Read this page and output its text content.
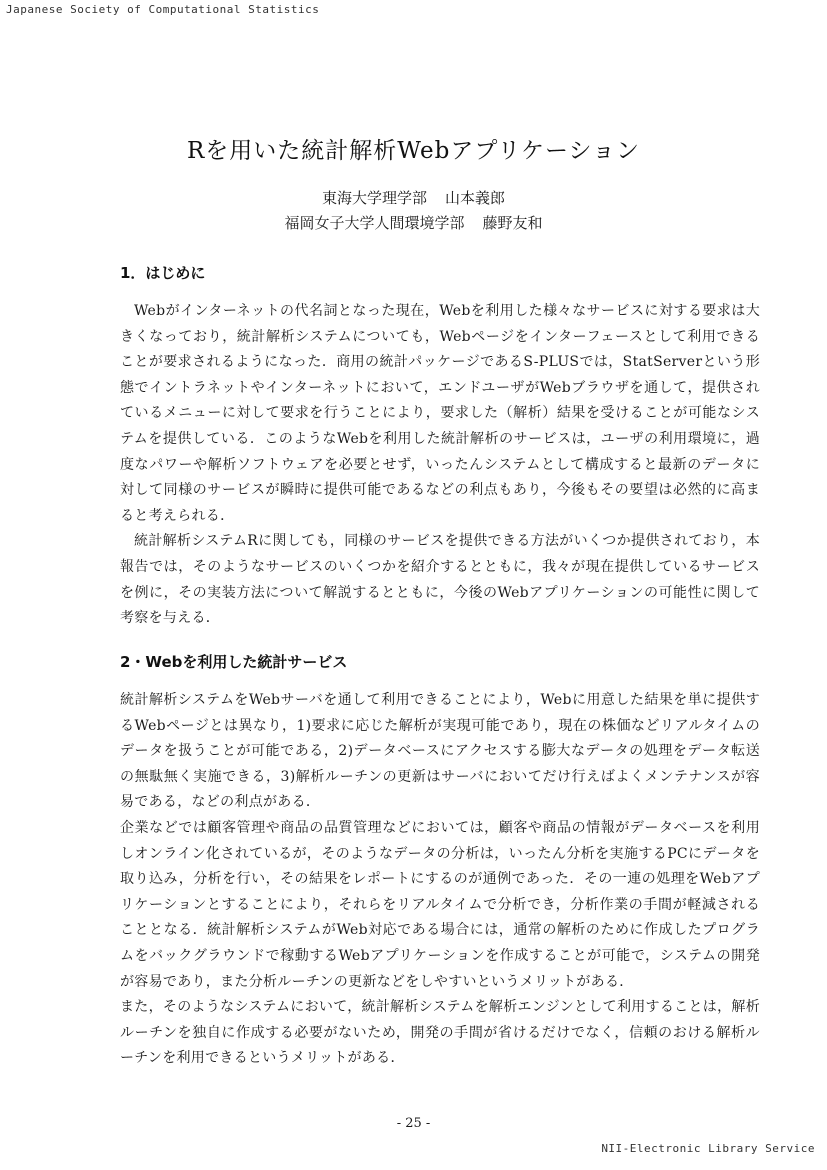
Japanese Society of Computational Statistics
Rを用いた統計解析Webアプリケーション
東海大学理学部 山本義郎
福岡女子大学人間環境学部 藤野友和
1．はじめに

Webがインターネットの代名詞となった現在，Webを利用した様々なサービスに対する要求は大きくなっており，統計解析システムについても，Webページをインターフェースとして利用できることが要求されるようになった．商用の統計パッケージであるS-PLUSでは，StatServerという形態でイントラネットやインターネットにおいて，エンドユーザがWebブラウザを通して，提供されているメニューに対して要求を行うことにより，要求した（解析）結果を受けることが可能なシステムを提供している．このようなWebを利用した統計解析のサービスは，ユーザの利用環境に，過度なパワーや解析ソフトウェアを必要とせず，いったんシステムとして構成すると最新のデータに対して同様のサービスが瞬時に提供可能であるなどの利点もあり，今後もその要望は必然的に高まると考えられる．

統計解析システムRに関しても，同様のサービスを提供できる方法がいくつか提供されており，本報告では，そのようなサービスのいくつかを紹介するとともに，我々が現在提供しているサービスを例に，その実装方法について解説するとともに，今後のWebアプリケーションの可能性に関して考察を与える．

2・Webを利用した統計サービス

統計解析システムをWebサーバを通して利用できることにより，Webに用意した結果を単に提供するWebページとは異なり，1)要求に応じた解析が実現可能であり，現在の株価などリアルタイムのデータを扱うことが可能である，2)データベースにアクセスする膨大なデータの処理をデータ転送の無駄無く実施できる，3)解析ルーチンの更新はサーバにおいてだけ行えばよくメンテナンスが容易である，などの利点がある．

企業などでは顧客管理や商品の品質管理などにおいては，顧客や商品の情報がデータベースを利用しオンライン化されているが，そのようなデータの分析は，いったん分析を実施するPCにデータを取り込み，分析を行い，その結果をレポートにするのが通例であった．その一連の処理をWebアプリケーションとすることにより，それらをリアルタイムで分析でき，分析作業の手間が軽減されることとなる．統計解析システムがWeb対応である場合には，通常の解析のために作成したプログラムをバックグラウンドで稼動するWebアプリケーションを作成することが可能で，システムの開発が容易であり，また分析ルーチンの更新などをしやすいというメリットがある．

また，そのようなシステムにおいて，統計解析システムを解析エンジンとして利用することは，解析ルーチンを独自に作成する必要がないため，開発の手間が省けるだけでなく，信頼のおける解析ルーチンを利用できるというメリットがある．

- 25 -
NII-Electronic Library Service
